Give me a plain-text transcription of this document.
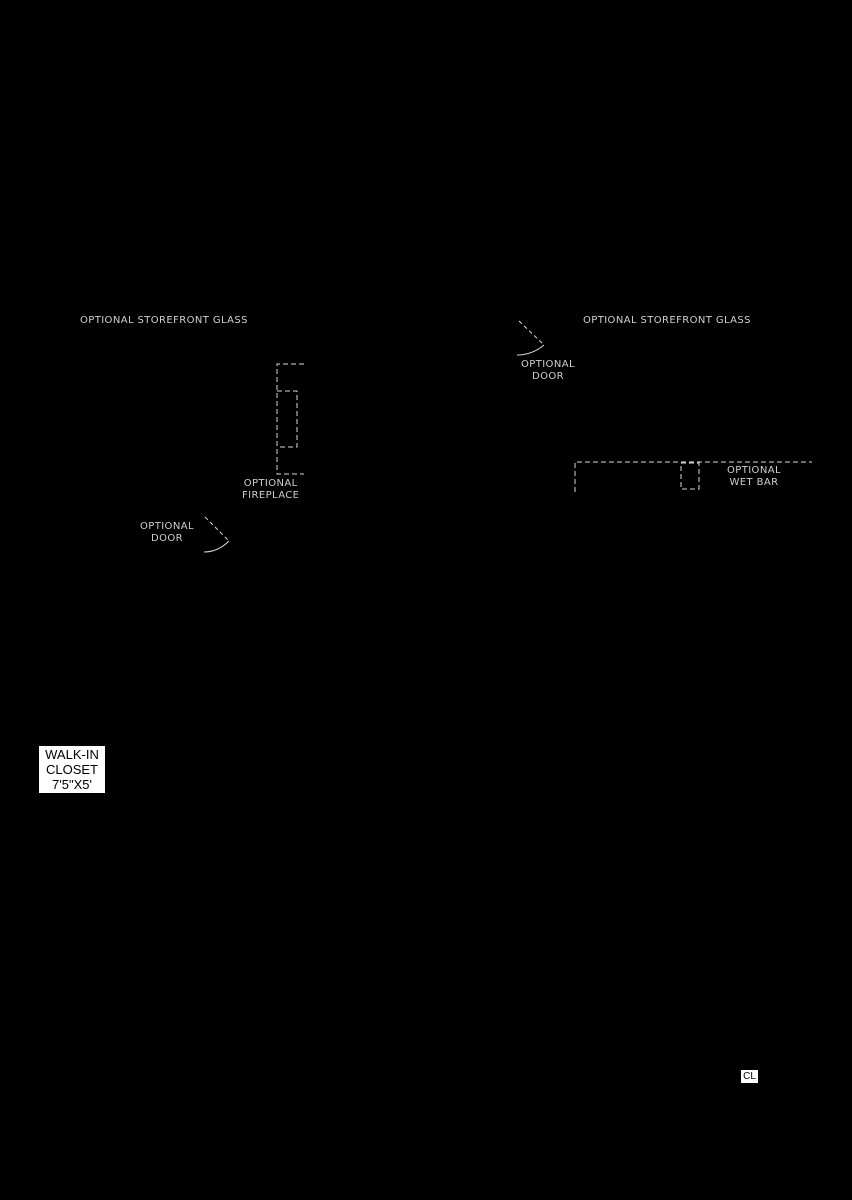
OPTIONAL STOREFRONT GLASS	OPTIONAL STOREFRONT GLASS
OPTIONAL
DOOR
OPTIONAL
FIREPLACE
OPTIONAL
DOOR
OPTIONAL
WET BAR
WALK-IN
CLOSET
7'5"X5'
CL
